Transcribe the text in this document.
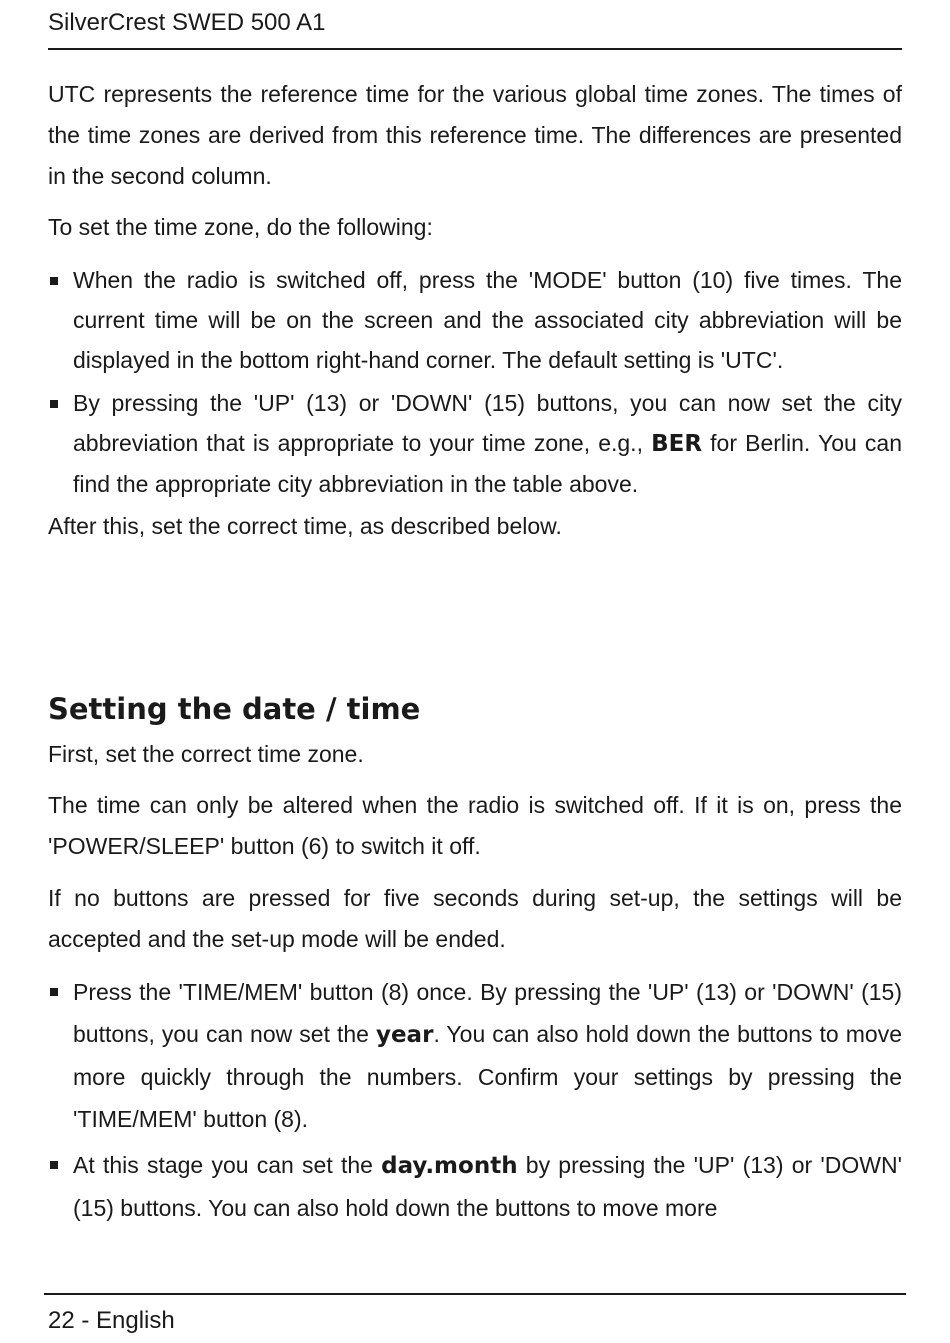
SilverCrest SWED 500 A1

UTC represents the reference time for the various global time zones. The times of the time zones are derived from this reference time. The differences are presented in the second column.

To set the time zone, do the following:

When the radio is switched off, press the 'MODE' button (10) five times. The current time will be on the screen and the associated city abbreviation will be displayed in the bottom right-hand corner. The default setting is 'UTC'.
By pressing the 'UP' (13) or 'DOWN' (15) buttons, you can now set the city abbreviation that is appropriate to your time zone, e.g., BER for Berlin. You can find the appropriate city abbreviation in the table above.

After this, set the correct time, as described below.

Setting the date / time

First, set the correct time zone.

The time can only be altered when the radio is switched off. If it is on, press the 'POWER/SLEEP' button (6) to switch it off.

If no buttons are pressed for five seconds during set-up, the settings will be accepted and the set-up mode will be ended.

Press the 'TIME/MEM' button (8) once. By pressing the 'UP' (13) or 'DOWN' (15) buttons, you can now set the year. You can also hold down the buttons to move more quickly through the numbers. Confirm your settings by pressing the 'TIME/MEM' button (8).
At this stage you can set the day.month by pressing the 'UP' (13) or 'DOWN' (15) buttons. You can also hold down the buttons to move more
22 - English
